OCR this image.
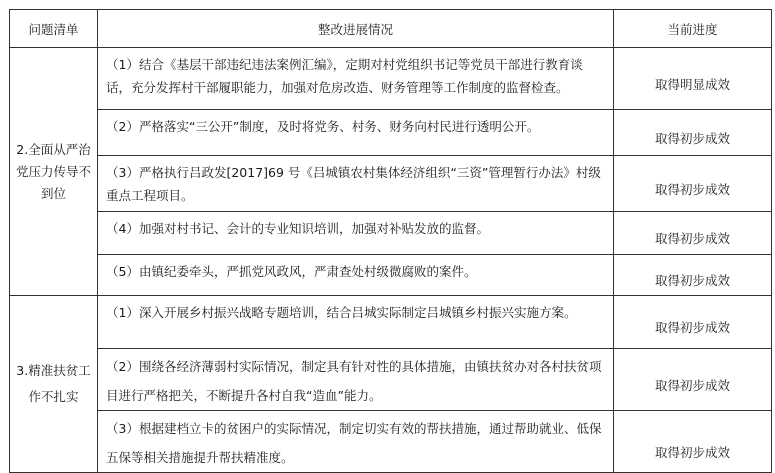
问题清单	整改进展情况	当前进度
2.全面从严治党压力传导不到位	（1）结合《基层干部违纪违法案例汇编》，定期对村党组织书记等党员干部进行教育谈话，充分发挥村干部履职能力，加强对危房改造、财务管理等工作制度的监督检查。	取得明显成效
	（2）严格落实“三公开”制度，及时将党务、村务、财务向村民进行透明公开。	取得初步成效
	（3）严格执行吕政发[2017]69 号《吕城镇农村集体经济组织“三资”管理暂行办法》村级重点工程项目。	取得初步成效
	（4）加强对村书记、会计的专业知识培训，加强对补贴发放的监督。	取得初步成效
	（5）由镇纪委牵头，严抓党风政风，严肃查处村级微腐败的案件。	取得初步成效
3.精准扶贫工作不扎实	（1）深入开展乡村振兴战略专题培训，结合吕城实际制定吕城镇乡村振兴实施方案。	取得初步成效
	（2）围绕各经济薄弱村实际情况，制定具有针对性的具体措施，由镇扶贫办对各村扶贫项目进行严格把关，不断提升各村自我“造血”能力。	取得初步成效
	（3）根据建档立卡的贫困户的实际情况，制定切实有效的帮扶措施，通过帮助就业、低保五保等相关措施提升帮扶精准度。	取得初步成效
